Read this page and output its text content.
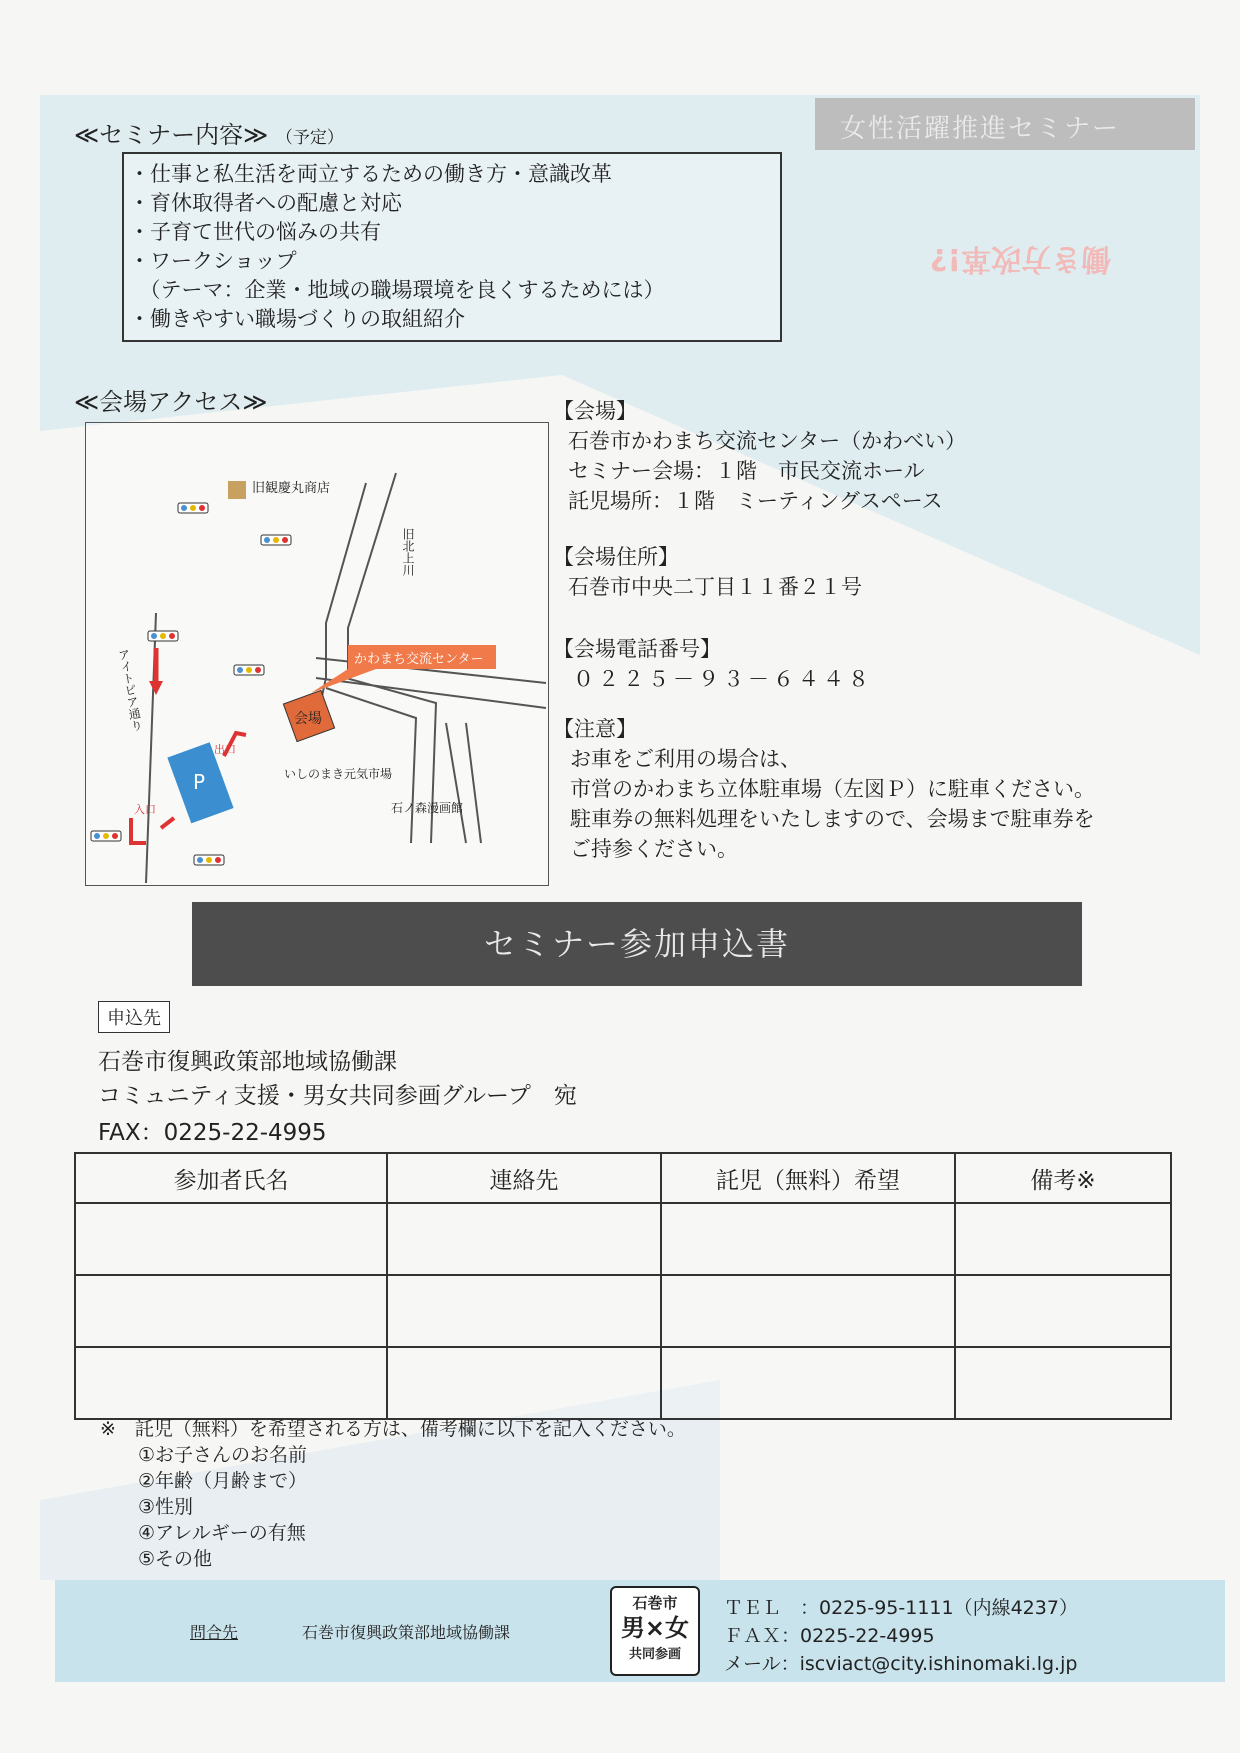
女性活躍推進セミナー
働き方改革!?
≪セミナー内容≫ （予定）
・仕事と私生活を両立するための働き方・意識改革
・育休取得者への配慮と対応
・子育て世代の悩みの共有
・ワークショップ
　（テーマ：企業・地域の職場環境を良くするためには）
・働きやすい職場づくりの取組紹介
≪会場アクセス≫
旧観慶丸商店
旧北上川
アイトピア通り	かわまち交流センター
会場
P
出口
入口
いしのまき元気市場
石ノ森漫画館
【会場】
石巻市かわまち交流センター（かわべい）
セミナー会場：１階　市民交流ホール
託児場所：１階　ミーティングスペース
【会場住所】
石巻市中央二丁目１１番２１号
【会場電話番号】
０２２５－９３－６４４８
【注意】
お車をご利用の場合は、
市営のかわまち立体駐車場（左図Ｐ）に駐車ください。
駐車券の無料処理をいたしますので、会場まで駐車券を
ご持参ください。
セミナー参加申込書
申込先
石巻市復興政策部地域協働課
コミュニティ支援・男女共同参画グループ　宛
FAX：0225-22-4995
参加者氏名	連絡先	託児（無料）希望	備考※

※　託児（無料）を希望される方は、備考欄に以下を記入ください。
①お子さんのお名前
②年齢（月齢まで）
③性別
④アレルギーの有無
⑤その他
問合先	石巻市復興政策部地域協働課
石巻市
男×女
共同参画
ＴＥＬ　：0225-95-1111（内線4237）
ＦＡＸ：0225-22-4995
メール：iscviact@city.ishinomaki.lg.jp
